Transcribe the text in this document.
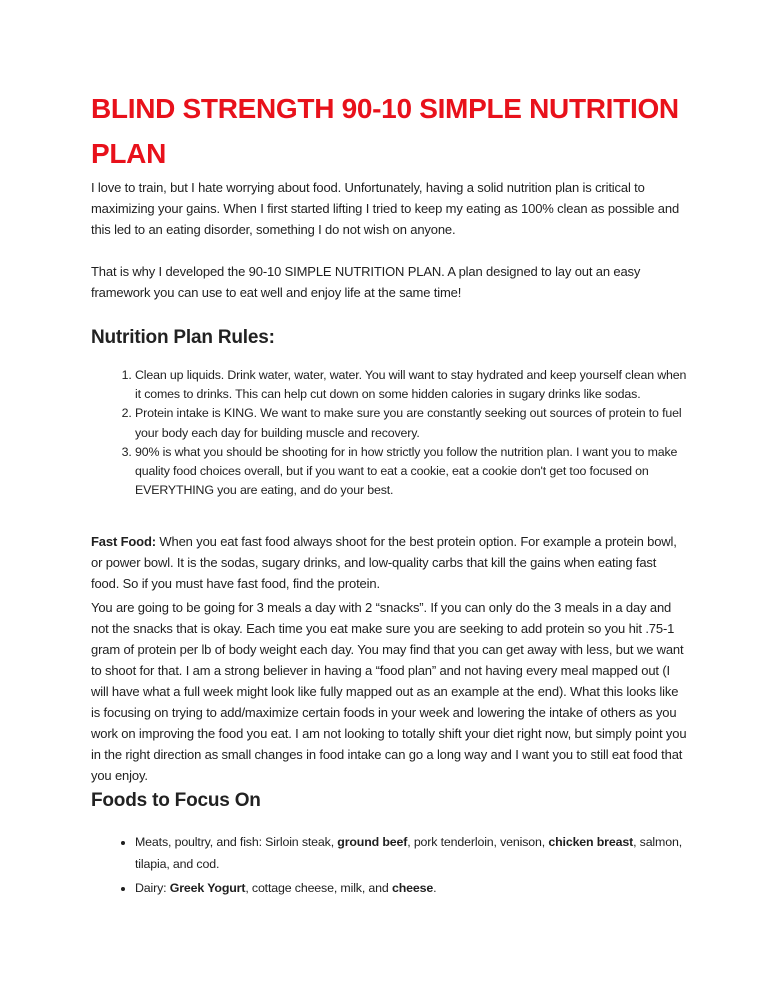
BLIND STRENGTH 90-10 SIMPLE NUTRITION PLAN

I love to train, but I hate worrying about food. Unfortunately, having a solid nutrition plan is critical to maximizing your gains. When I first started lifting I tried to keep my eating as 100% clean as possible and this led to an eating disorder, something I do not wish on anyone.

That is why I developed the 90-10 SIMPLE NUTRITION PLAN. A plan designed to lay out an easy framework you can use to eat well and enjoy life at the same time!

Nutrition Plan Rules:
1. Clean up liquids. Drink water, water, water. You will want to stay hydrated and keep yourself clean when it comes to drinks. This can help cut down on some hidden calories in sugary drinks like sodas.
2. Protein intake is KING. We want to make sure you are constantly seeking out sources of protein to fuel your body each day for building muscle and recovery.
3. 90% is what you should be shooting for in how strictly you follow the nutrition plan. I want you to make quality food choices overall, but if you want to eat a cookie, eat a cookie don't get too focused on EVERYTHING you are eating, and do your best.

Fast Food: When you eat fast food always shoot for the best protein option. For example a protein bowl, or power bowl. It is the sodas, sugary drinks, and low-quality carbs that kill the gains when eating fast food. So if you must have fast food, find the protein.

You are going to be going for 3 meals a day with 2 “snacks”. If you can only do the 3 meals in a day and not the snacks that is okay. Each time you eat make sure you are seeking to add protein so you hit .75-1 gram of protein per lb of body weight each day. You may find that you can get away with less, but we want to shoot for that. I am a strong believer in having a “food plan” and not having every meal mapped out (I will have what a full week might look like fully mapped out as an example at the end). What this looks like is focusing on trying to add/maximize certain foods in your week and lowering the intake of others as you work on improving the food you eat. I am not looking to totally shift your diet right now, but simply point you in the right direction as small changes in food intake can go a long way and I want you to still eat food that you enjoy.

Foods to Focus On
• Meats, poultry, and fish: Sirloin steak, ground beef, pork tenderloin, venison, chicken breast, salmon, tilapia, and cod.
• Dairy: Greek Yogurt, cottage cheese, milk, and cheese.
